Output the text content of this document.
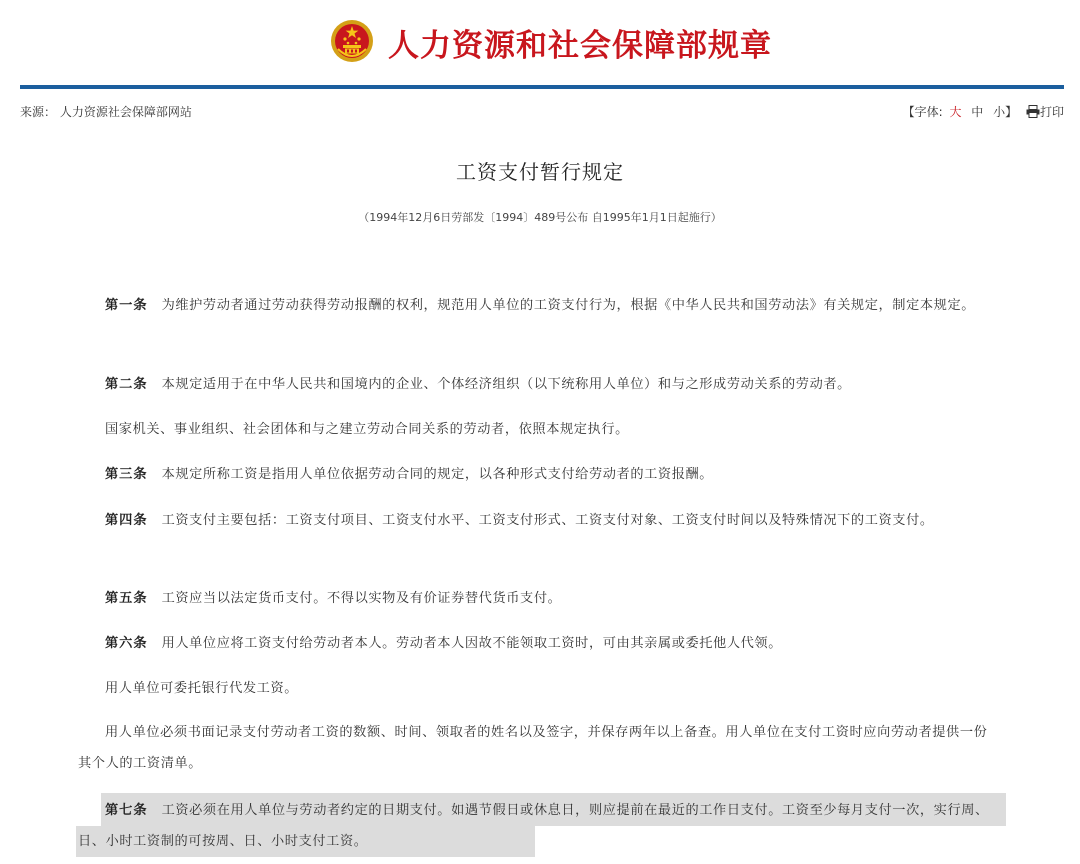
人力资源和社会保障部规章
来源： 人力资源社会保障部网站	【字体: 大 中 小】 打印
工资支付暂行规定
（1994年12月6日劳部发〔1994〕489号公布 自1995年1月1日起施行）

第一条 为维护劳动者通过劳动获得劳动报酬的权利，规范用人单位的工资支付行为，根据《中华人民共和国劳动法》有关规定，制定本规定。

第二条 本规定适用于在中华人民共和国境内的企业、个体经济组织（以下统称用人单位）和与之形成劳动关系的劳动者。

国家机关、事业组织、社会团体和与之建立劳动合同关系的劳动者，依照本规定执行。

第三条 本规定所称工资是指用人单位依据劳动合同的规定，以各种形式支付给劳动者的工资报酬。

第四条 工资支付主要包括：工资支付项目、工资支付水平、工资支付形式、工资支付对象、工资支付时间以及特殊情况下的工资支付。

第五条 工资应当以法定货币支付。不得以实物及有价证券替代货币支付。

第六条 用人单位应将工资支付给劳动者本人。劳动者本人因故不能领取工资时，可由其亲属或委托他人代领。

用人单位可委托银行代发工资。

用人单位必须书面记录支付劳动者工资的数额、时间、领取者的姓名以及签字，并保存两年以上备查。用人单位在支付工资时应向劳动者提供一份其个人的工资清单。

第七条 工资必须在用人单位与劳动者约定的日期支付。如遇节假日或休息日，则应提前在最近的工作日支付。工资至少每月支付一次，实行周、日、小时工资制的可按周、日、小时支付工资。
